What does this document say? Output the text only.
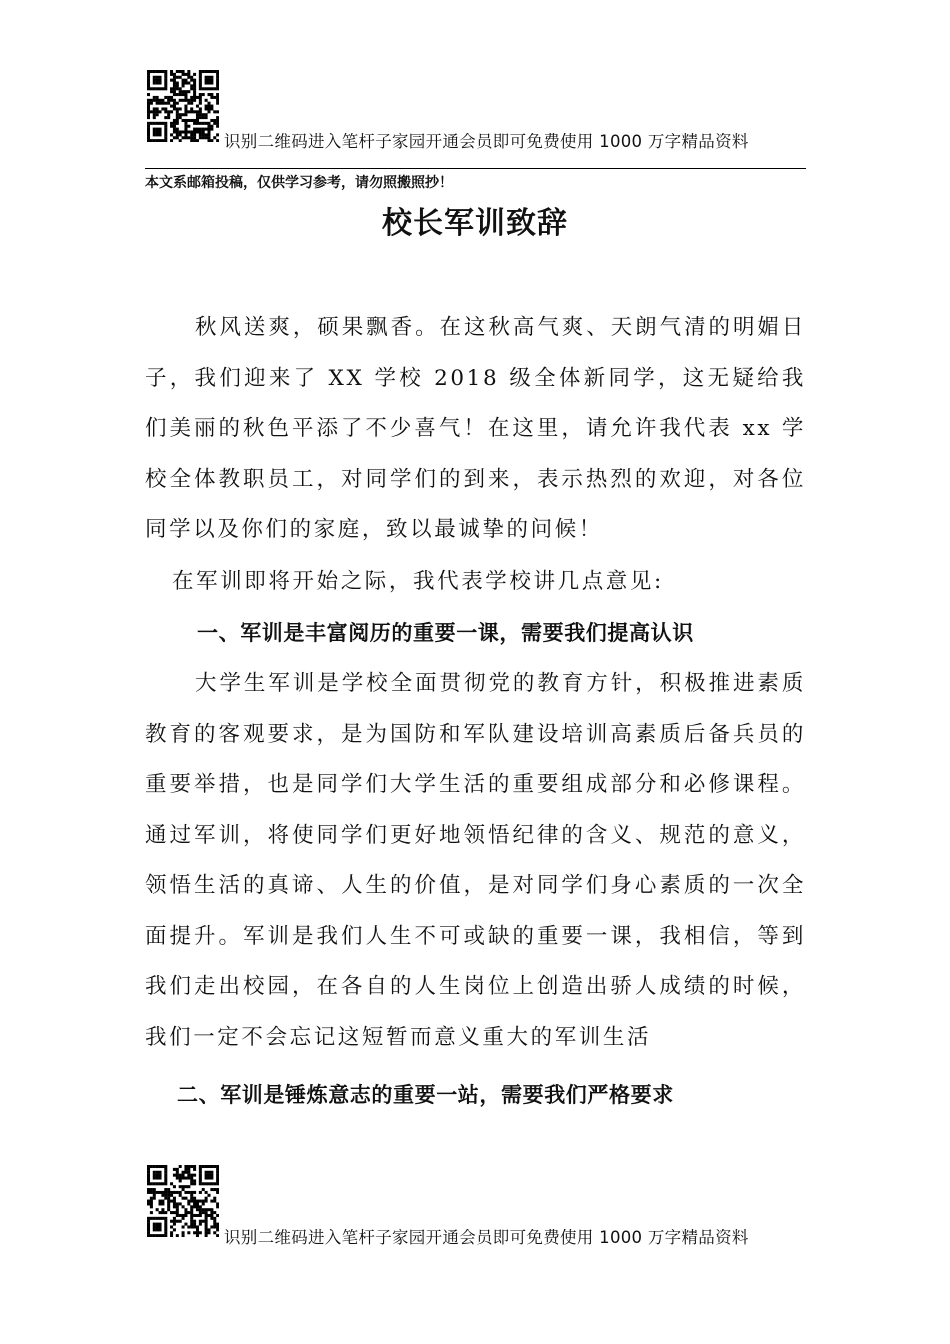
识别二维码进入笔杆子家园开通会员即可免费使用 1000 万字精品资料
本文系邮箱投稿，仅供学习参考，请勿照搬照抄！
校长军训致辞

秋风送爽，硕果飘香。在这秋高气爽、天朗气清的明媚日子，我们迎来了 XX 学校 2018 级全体新同学，这无疑给我们美丽的秋色平添了不少喜气！在这里，请允许我代表 xx 学校全体教职员工，对同学们的到来，表示热烈的欢迎，对各位同学以及你们的家庭，致以最诚挚的问候！

在军训即将开始之际，我代表学校讲几点意见:

一、军训是丰富阅历的重要一课，需要我们提高认识

大学生军训是学校全面贯彻党的教育方针，积极推进素质教育的客观要求，是为国防和军队建设培训高素质后备兵员的重要举措，也是同学们大学生活的重要组成部分和必修课程。通过军训，将使同学们更好地领悟纪律的含义、规范的意义，领悟生活的真谛、人生的价值，是对同学们身心素质的一次全面提升。军训是我们人生不可或缺的重要一课，我相信，等到我们走出校园，在各自的人生岗位上创造出骄人成绩的时候，我们一定不会忘记这短暂而意义重大的军训生活

二、军训是锤炼意志的重要一站，需要我们严格要求

识别二维码进入笔杆子家园开通会员即可免费使用 1000 万字精品资料
